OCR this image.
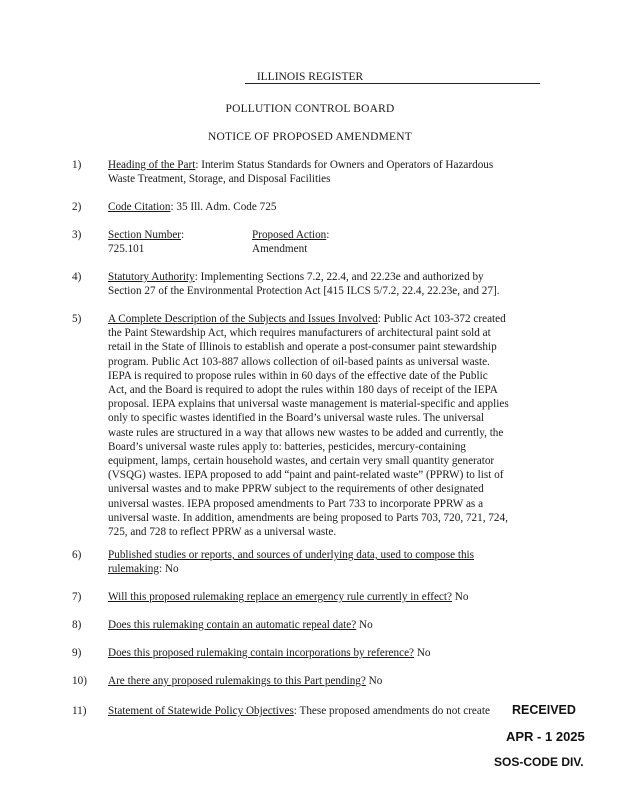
ILLINOIS REGISTER
POLLUTION CONTROL BOARD
NOTICE OF PROPOSED AMENDMENT
1) Heading of the Part: Interim Status Standards for Owners and Operators of Hazardous
Waste Treatment, Storage, and Disposal Facilities
2) Code Citation: 35 Ill. Adm. Code 725
3) Section Number:
725.101
Proposed Action:
Amendment
4) Statutory Authority: Implementing Sections 7.2, 22.4, and 22.23e and authorized by
Section 27 of the Environmental Protection Act [415 ILCS 5/7.2, 22.4, 22.23e, and 27].
5) A Complete Description of the Subjects and Issues Involved: Public Act 103-372 created
the Paint Stewardship Act, which requires manufacturers of architectural paint sold at
retail in the State of Illinois to establish and operate a post-consumer paint stewardship
program. Public Act 103-887 allows collection of oil-based paints as universal waste.
IEPA is required to propose rules within in 60 days of the effective date of the Public
Act, and the Board is required to adopt the rules within 180 days of receipt of the IEPA
proposal. IEPA explains that universal waste management is material-specific and applies
only to specific wastes identified in the Board’s universal waste rules. The universal
waste rules are structured in a way that allows new wastes to be added and currently, the
Board’s universal waste rules apply to: batteries, pesticides, mercury-containing
equipment, lamps, certain household wastes, and certain very small quantity generator
(VSQG) wastes. IEPA proposed to add “paint and paint-related waste” (PPRW) to list of
universal wastes and to make PPRW subject to the requirements of other designated
universal wastes. IEPA proposed amendments to Part 733 to incorporate PPRW as a
universal waste. In addition, amendments are being proposed to Parts 703, 720, 721, 724,
725, and 728 to reflect PPRW as a universal waste.
6) Published studies or reports, and sources of underlying data, used to compose this
rulemaking: No
7) Will this proposed rulemaking replace an emergency rule currently in effect? No
8) Does this rulemaking contain an automatic repeal date? No
9) Does this proposed rulemaking contain incorporations by reference? No
10) Are there any proposed rulemakings to this Part pending? No
11) Statement of Statewide Policy Objectives: These proposed amendments do not create	RECEIVED
APR - 1 2025
SOS-CODE DIV.
